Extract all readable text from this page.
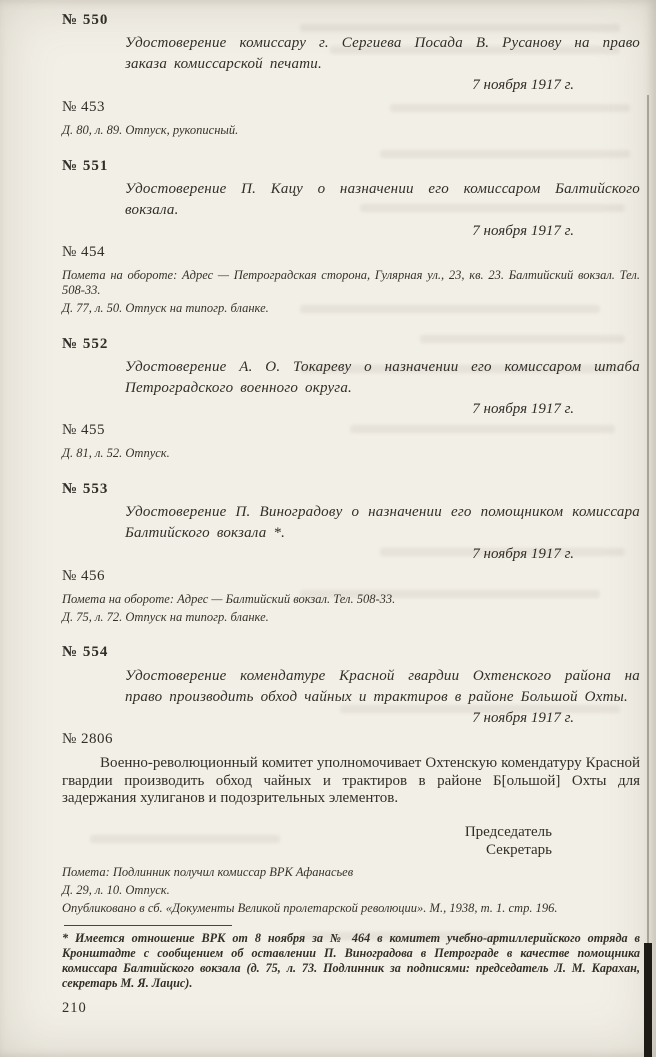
№ 550

Удостоверение комиссару г. Сергиева Посада В. Русанову на право заказа комиссарской печати.

7 ноября 1917 г.
№ 453

Д. 80, л. 89. Отпуск, рукописный.

№ 551

Удостоверение П. Кацу о назначении его комиссаром Балтийского вокзала.

7 ноября 1917 г.
№ 454

Помета на обороте: Адрес — Петроградская сторона, Гулярная ул., 23, кв. 23. Балтийский вокзал. Тел. 508-33.

Д. 77, л. 50. Отпуск на типогр. бланке.

№ 552

Удостоверение А. О. Токареву о назначении его комиссаром штаба Петроградского военного округа.

7 ноября 1917 г.
№ 455

Д. 81, л. 52. Отпуск.

№ 553

Удостоверение П. Виноградову о назначении его помощником комиссара Балтийского вокзала *.

7 ноября 1917 г.
№ 456

Помета на обороте: Адрес — Балтийский вокзал. Тел. 508-33.

Д. 75, л. 72. Отпуск на типогр. бланке.

№ 554

Удостоверение комендатуре Красной гвардии Охтенского района на право производить обход чайных и трактиров в районе Большой Охты.

7 ноября 1917 г.
№ 2806

Военно-революционный комитет уполномочивает Охтенскую комендатуру Красной гвардии производить обход чайных и трактиров в районе Б[ольшой] Охты для задержания хулиганов и подозрительных элементов.

Председатель
Секретарь

Помета: Подлинник получил комиссар ВРК Афанасьев

Д. 29, л. 10. Отпуск.

Опубликовано в сб. «Документы Великой пролетарской революции». М., 1938, т. 1. стр. 196.

* Имеется отношение ВРК от 8 ноября за № 464 в комитет учебно-артиллерийского отряда в Кронштадте с сообщением об оставлении П. Виноградова в Петрограде в качестве помощника комиссара Балтийского вокзала (д. 75, л. 73. Подлинник за подписями: председатель Л. М. Карахан, секретарь М. Я. Лацис).

210
